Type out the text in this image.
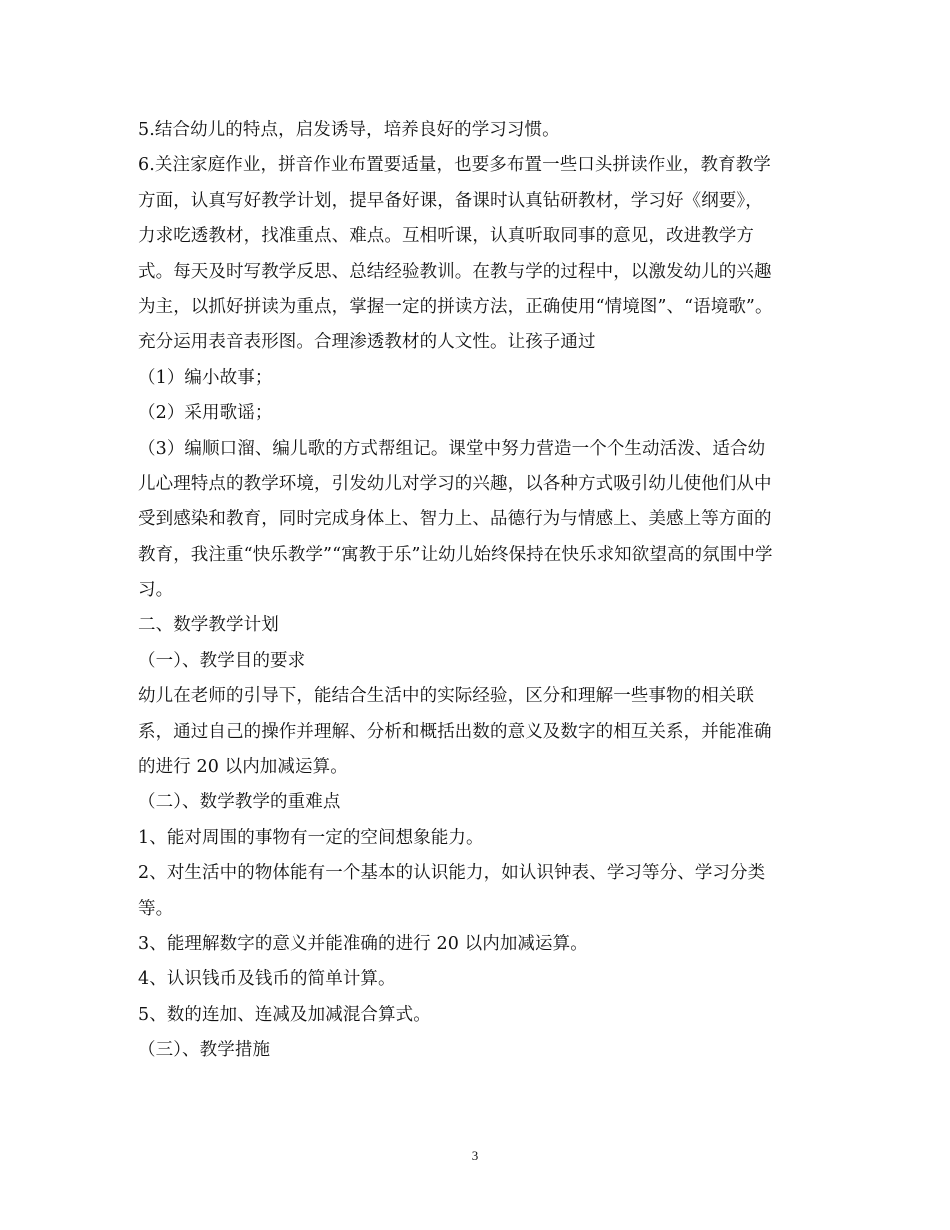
5.结合幼儿的特点，启发诱导，培养良好的学习习惯。
6.关注家庭作业，拼音作业布置要适量，也要多布置一些口头拼读作业，教育教学
方面，认真写好教学计划，提早备好课，备课时认真钻研教材，学习好《纲要》，
力求吃透教材，找准重点、难点。互相听课，认真听取同事的意见，改进教学方
式。每天及时写教学反思、总结经验教训。在教与学的过程中，以激发幼儿的兴趣
为主，以抓好拼读为重点，掌握一定的拼读方法，正确使用“情境图”、“语境歌”。
充分运用表音表形图。合理渗透教材的人文性。让孩子通过
（1）编小故事；
（2）采用歌谣；
（3）编顺口溜、编儿歌的方式帮组记。课堂中努力营造一个个生动活泼、适合幼
儿心理特点的教学环境，引发幼儿对学习的兴趣，以各种方式吸引幼儿使他们从中
受到感染和教育，同时完成身体上、智力上、品德行为与情感上、美感上等方面的
教育，我注重“快乐教学”“寓教于乐”让幼儿始终保持在快乐求知欲望高的氛围中学
习。
二、数学教学计划
（一）、教学目的要求
幼儿在老师的引导下，能结合生活中的实际经验，区分和理解一些事物的相关联
系，通过自己的操作并理解、分析和概括出数的意义及数字的相互关系，并能准确
的进行 20 以内加减运算。
（二）、数学教学的重难点
1、能对周围的事物有一定的空间想象能力。
2、对生活中的物体能有一个基本的认识能力，如认识钟表、学习等分、学习分类
等。
3、能理解数字的意义并能准确的进行 20 以内加减运算。
4、认识钱币及钱币的简单计算。
5、数的连加、连减及加减混合算式。
（三）、教学措施
3
